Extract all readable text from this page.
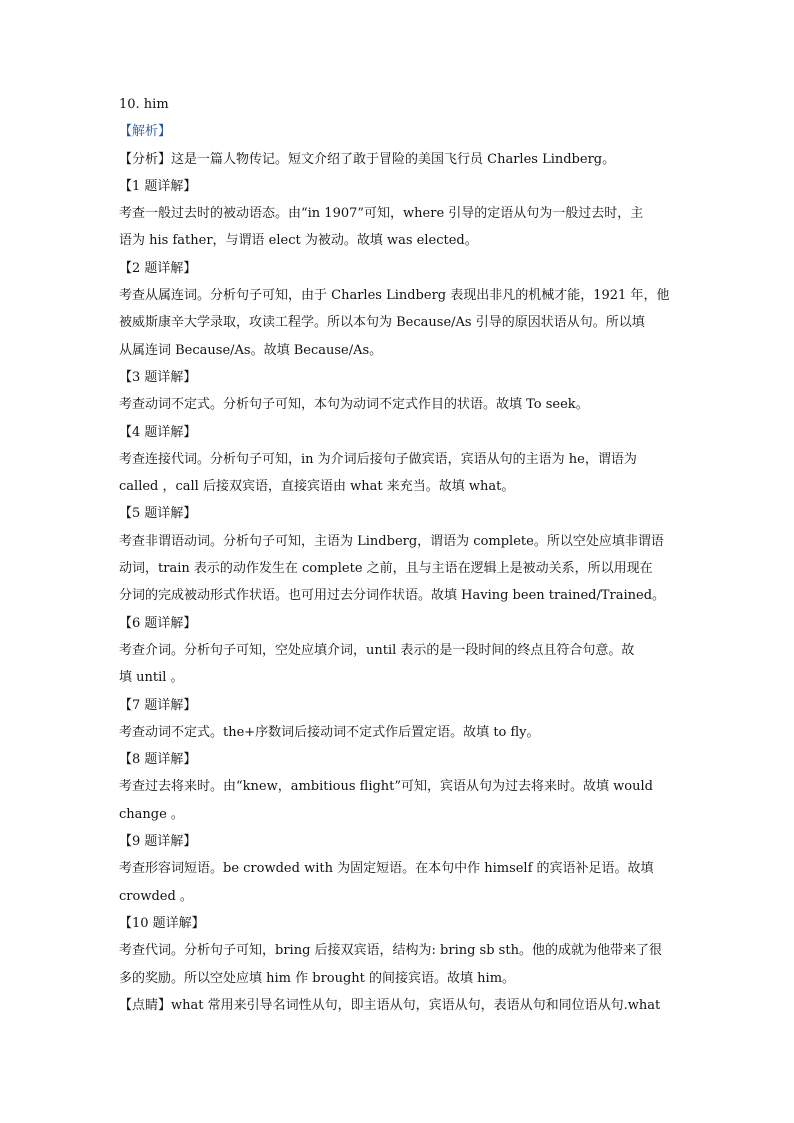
10. him
【解析】
【分析】这是一篇人物传记。短文介绍了敢于冒险的美国飞行员 Charles Lindberg。
【1 题详解】
考查一般过去时的被动语态。由“in 1907”可知，where 引导的定语从句为一般过去时，主
语为 his father，与谓语 elect 为被动。故填 was elected。
【2 题详解】
考查从属连词。分析句子可知，由于 Charles Lindberg 表现出非凡的机械才能，1921 年，他
被威斯康辛大学录取，攻读工程学。所以本句为 Because/As 引导的原因状语从句。所以填
从属连词 Because/As。故填 Because/As。
【3 题详解】
考查动词不定式。分析句子可知，本句为动词不定式作目的状语。故填 To seek。
【4 题详解】
考查连接代词。分析句子可知，in 为介词后接句子做宾语，宾语从句的主语为 he，谓语为
called ，call 后接双宾语，直接宾语由 what 来充当。故填 what。
【5 题详解】
考查非谓语动词。分析句子可知，主语为 Lindberg，谓语为 complete。所以空处应填非谓语
动词，train 表示的动作发生在 complete 之前，且与主语在逻辑上是被动关系，所以用现在
分词的完成被动形式作状语。也可用过去分词作状语。故填 Having been trained/Trained。
【6 题详解】
考查介词。分析句子可知，空处应填介词，until 表示的是一段时间的终点且符合句意。故
填 until 。
【7 题详解】
考查动词不定式。the+序数词后接动词不定式作后置定语。故填 to fly。
【8 题详解】
考查过去将来时。由“knew，ambitious flight”可知，宾语从句为过去将来时。故填 would
change 。
【9 题详解】
考查形容词短语。be crowded with 为固定短语。在本句中作 himself 的宾语补足语。故填
crowded 。
【10 题详解】
考查代词。分析句子可知，bring 后接双宾语，结构为: bring sb sth。他的成就为他带来了很
多的奖励。所以空处应填 him 作 brought 的间接宾语。故填 him。
【点睛】what 常用来引导名词性从句，即主语从句，宾语从句，表语从句和同位语从句.what
